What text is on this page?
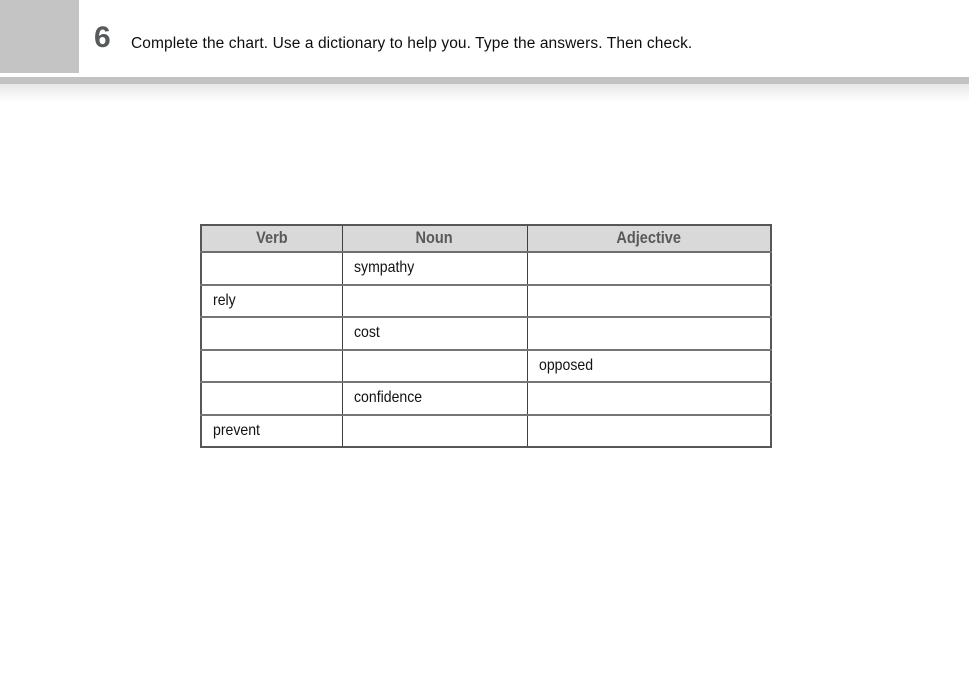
6 Complete the chart. Use a dictionary to help you. Type the answers. Then check.
Verb	Noun	Adjective
	sympathy	
rely		
	cost	
		opposed
	confidence	
prevent		
